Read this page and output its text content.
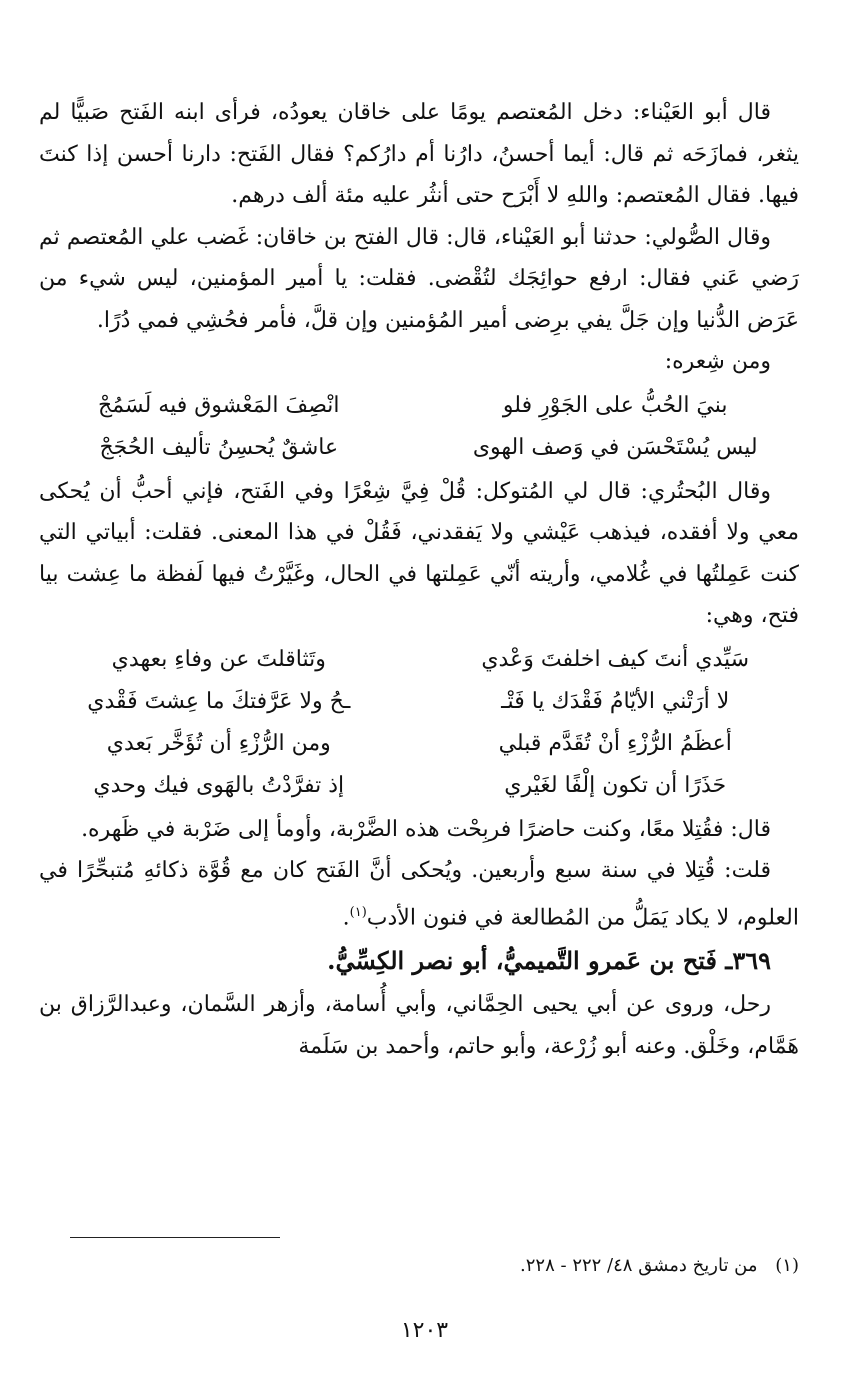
قال أبو العَيْناء: دخل المُعتصم يومًا على خاقان يعودُه، فرأى ابنه الفَتح صَبيًّا لم يثغر، فمازَحَه ثم قال: أيما أحسنُ، دارُنا أم دارُكم؟ فقال الفَتح: دارنا أحسن إذا كنتَ فيها. فقال المُعتصم: واللهِ لا أَبْرَح حتى أنثُر عليه مئة ألف درهم.

وقال الصُّولي: حدثنا أبو العَيْناء، قال: قال الفتح بن خاقان: غَضب علي المُعتصم ثم رَضي عَني فقال: ارفع حوائِجَك لتُقْضى. فقلت: يا أمير المؤمنين، ليس شيء من عَرَض الدُّنيا وإن جَلَّ يفي برِضى أمير المُؤمنين وإن قلَّ، فأمر فحُشِي فمي دُرًا.

ومن شِعره:

بنيَ الحُبُّ على الجَوْرِ فلو
انْصِفَ المَعْشوق فيه لَسَمُجْ
ليس يُسْتَحْسَن في وَصف الهوى
عاشقٌ يُحسِنُ تأليف الحُجَجْ

وقال البُحتُري: قال لي المُتوكل: قُلْ فِيَّ شِعْرًا وفي الفَتح، فإني أحبُّ أن يُحكى معي ولا أفقده، فيذهب عَيْشي ولا يَفقدني، فَقُلْ في هذا المعنى. فقلت: أبياتي التي كنت عَمِلتُها في غُلامي، وأريته أنّي عَمِلتها في الحال، وغَيَّرْتُ فيها لَفظة ما عِشت بيا فتح، وهي:

سَيِّدي أنتَ كيف اخلفتَ وَعْدي
وتَثاقلتَ عن وفاءِ بعهدي
لا أرَتْني الأيّامُ فَقْدَك يا فَتْـ
ـحُ ولا عَرَّفتكَ ما عِشتَ فَقْدي
أعظَمُ الرُّزْءِ أنْ تُقَدَّم قبلي
ومن الرُّزْءِ أن تُؤَخَّر بَعدي
حَذَرًا أن تكون إلْفًا لغَيْري
إذ تفرَّدْتُ بالهَوى فيك وحدي

قال: فقُتِلا معًا، وكنت حاضرًا فربِحْت هذه الضَّرْبة، وأومأ إلى ضَرْبة في ظَهره.

قلت: قُتِلا في سنة سبع وأربعين. ويُحكى أنَّ الفَتح كان مع قُوَّة ذكائهِ مُتبحِّرًا في العلوم، لا يكاد يَمَلُّ من المُطالعة في فنون الأدب$^{(١)}$.

٣٦٩ـ فَتح بن عَمرو التَّميميُّ، أبو نصر الكِسِّيُّ.

رحل، وروى عن أبي يحيى الحِمَّاني، وأبي أُسامة، وأزهر السَّمان، وعبدالرَّزاق بن هَمَّام، وخَلْق. وعنه أبو زُرْعة، وأبو حاتم، وأحمد بن سَلَمة

(١) من تاريخ دمشق ٤٨/ ٢٢٢ - ٢٢٨.
١٢٠٣
